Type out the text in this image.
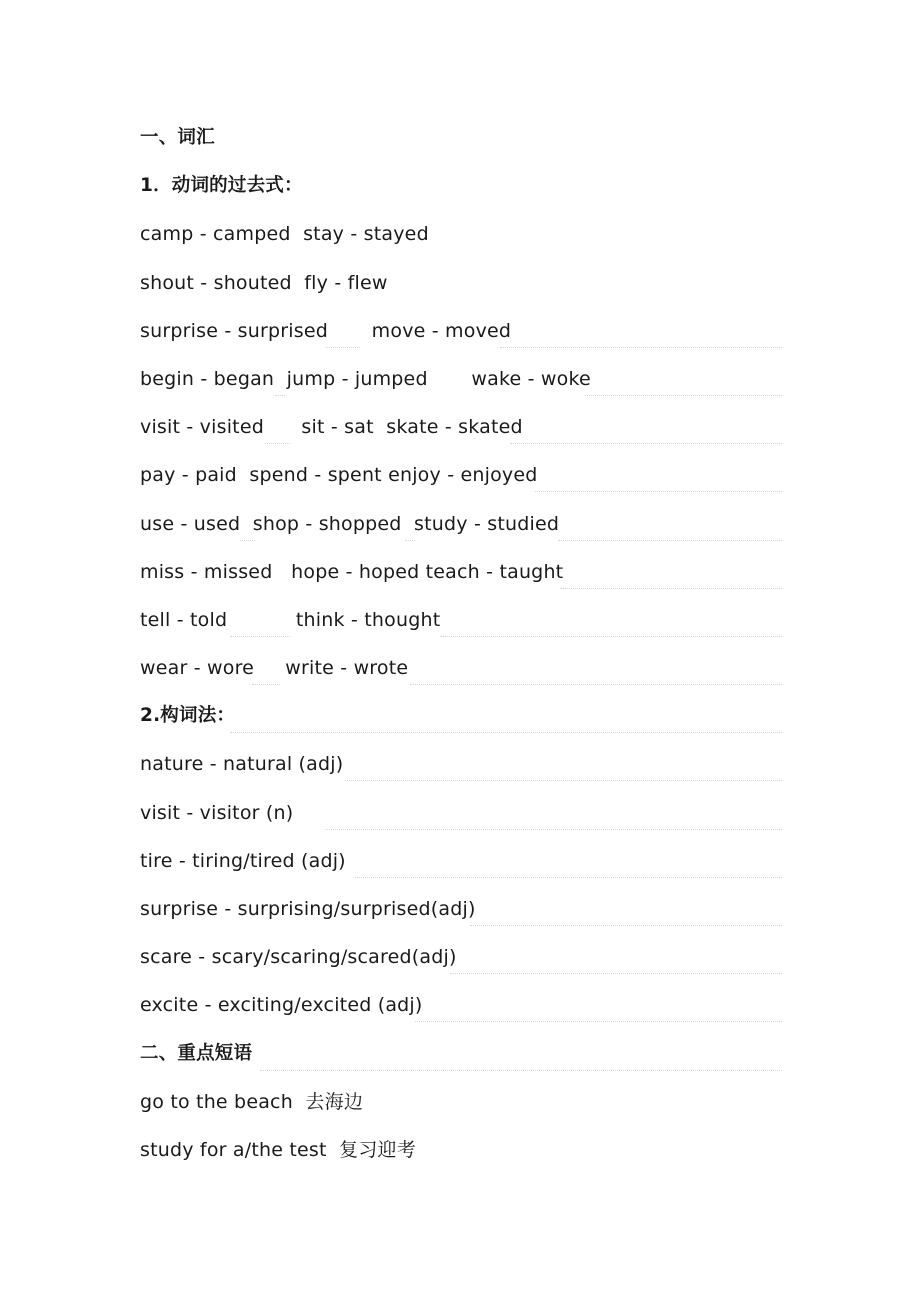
一、词汇
1．动词的过去式：
camp - camped  stay - stayed
shout - shouted  fly - flew
surprise - surprised       move - moved
begin - began  jump - jumped       wake - woke
visit - visited      sit - sat  skate - skated
pay - paid  spend - spent enjoy - enjoyed
use - used  shop - shopped  study - studied
miss - missed   hope - hoped teach - taught
tell - told           think - thought
wear - wore     write - wrote
2.构词法：
nature - natural (adj)
visit - visitor (n)
tire - tiring/tired (adj)
surprise - surprising/surprised(adj)
scare - scary/scaring/scared(adj)
excite - exciting/excited (adj)
二、重点短语
go to the beach  去海边
study for a/the test  复习迎考
